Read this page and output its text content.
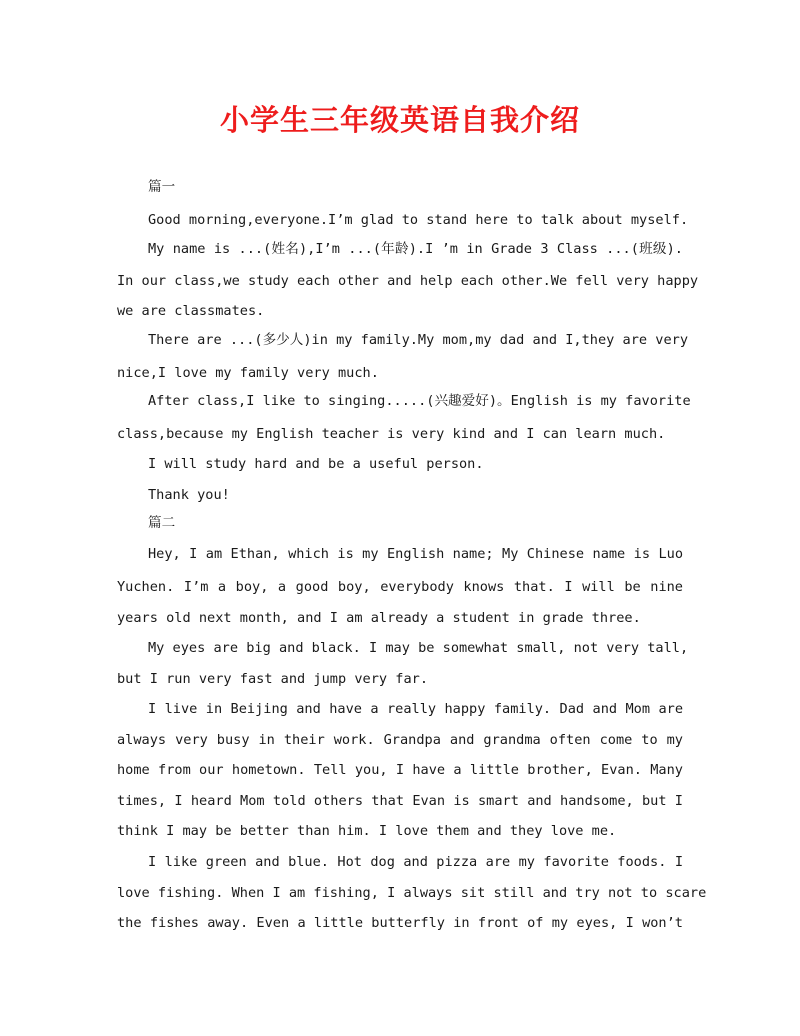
小学生三年级英语自我介绍

篇一

Good morning,everyone.I’m glad to stand here to talk about myself.

My name is ...(姓名),I’m ...(年龄).I ’m in Grade 3 Class ...(班级).

In our class,we study each other and help each other.We fell very happy

we are classmates.

There are ...(多少人)in my family.My mom,my dad and I,they are very

nice,I love my family very much.

After class,I like to singing.....(兴趣爱好)。English is my favorite

class,because my English teacher is very kind and I can learn much.

I will study hard and be a useful person.

Thank you!

篇二

Hey, I am Ethan, which is my English name; My Chinese name is Luo

Yuchen. I’m a boy, a good boy, everybody knows that. I will be nine

years old next month, and I am already a student in grade three.

My eyes are big and black. I may be somewhat small, not very tall,

but I run very fast and jump very far.

I live in Beijing and have a really happy family. Dad and Mom are

always very busy in their work. Grandpa and grandma often come to my

home from our hometown. Tell you, I have a little brother, Evan. Many

times, I heard Mom told others that Evan is smart and handsome, but I

think I may be better than him. I love them and they love me.

I like green and blue. Hot dog and pizza are my favorite foods. I

love fishing. When I am fishing, I always sit still and try not to scare

the fishes away. Even a little butterfly in front of my eyes, I won’t
